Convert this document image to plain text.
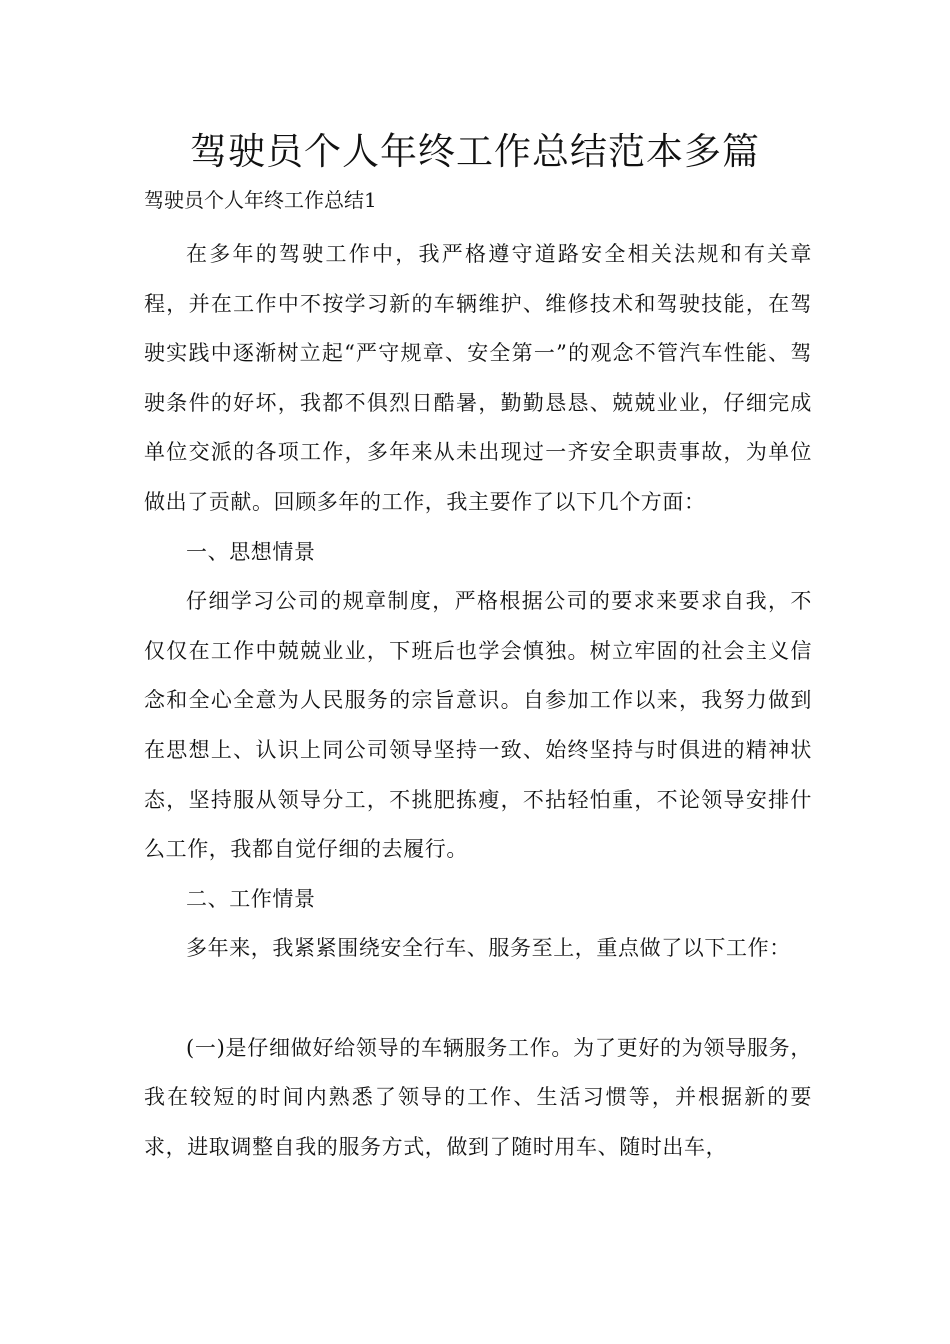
驾驶员个人年终工作总结范本多篇

驾驶员个人年终工作总结1

在多年的驾驶工作中，我严格遵守道路安全相关法规和有关章程，并在工作中不按学习新的车辆维护、维修技术和驾驶技能，在驾驶实践中逐渐树立起“严守规章、安全第一”的观念不管汽车性能、驾驶条件的好坏，我都不俱烈日酷暑，勤勤恳恳、兢兢业业，仔细完成单位交派的各项工作，多年来从未出现过一齐安全职责事故，为单位做出了贡献。回顾多年的工作，我主要作了以下几个方面：

一、思想情景

仔细学习公司的规章制度，严格根据公司的要求来要求自我，不仅仅在工作中兢兢业业，下班后也学会慎独。树立牢固的社会主义信念和全心全意为人民服务的宗旨意识。自参加工作以来，我努力做到在思想上、认识上同公司领导坚持一致、始终坚持与时俱进的精神状态，坚持服从领导分工，不挑肥拣瘦，不拈轻怕重，不论领导安排什么工作，我都自觉仔细的去履行。

二、工作情景

多年来，我紧紧围绕安全行车、服务至上，重点做了以下工作：

(一)是仔细做好给领导的车辆服务工作。为了更好的为领导服务，我在较短的时间内熟悉了领导的工作、生活习惯等，并根据新的要求，进取调整自我的服务方式，做到了随时用车、随时出车，
